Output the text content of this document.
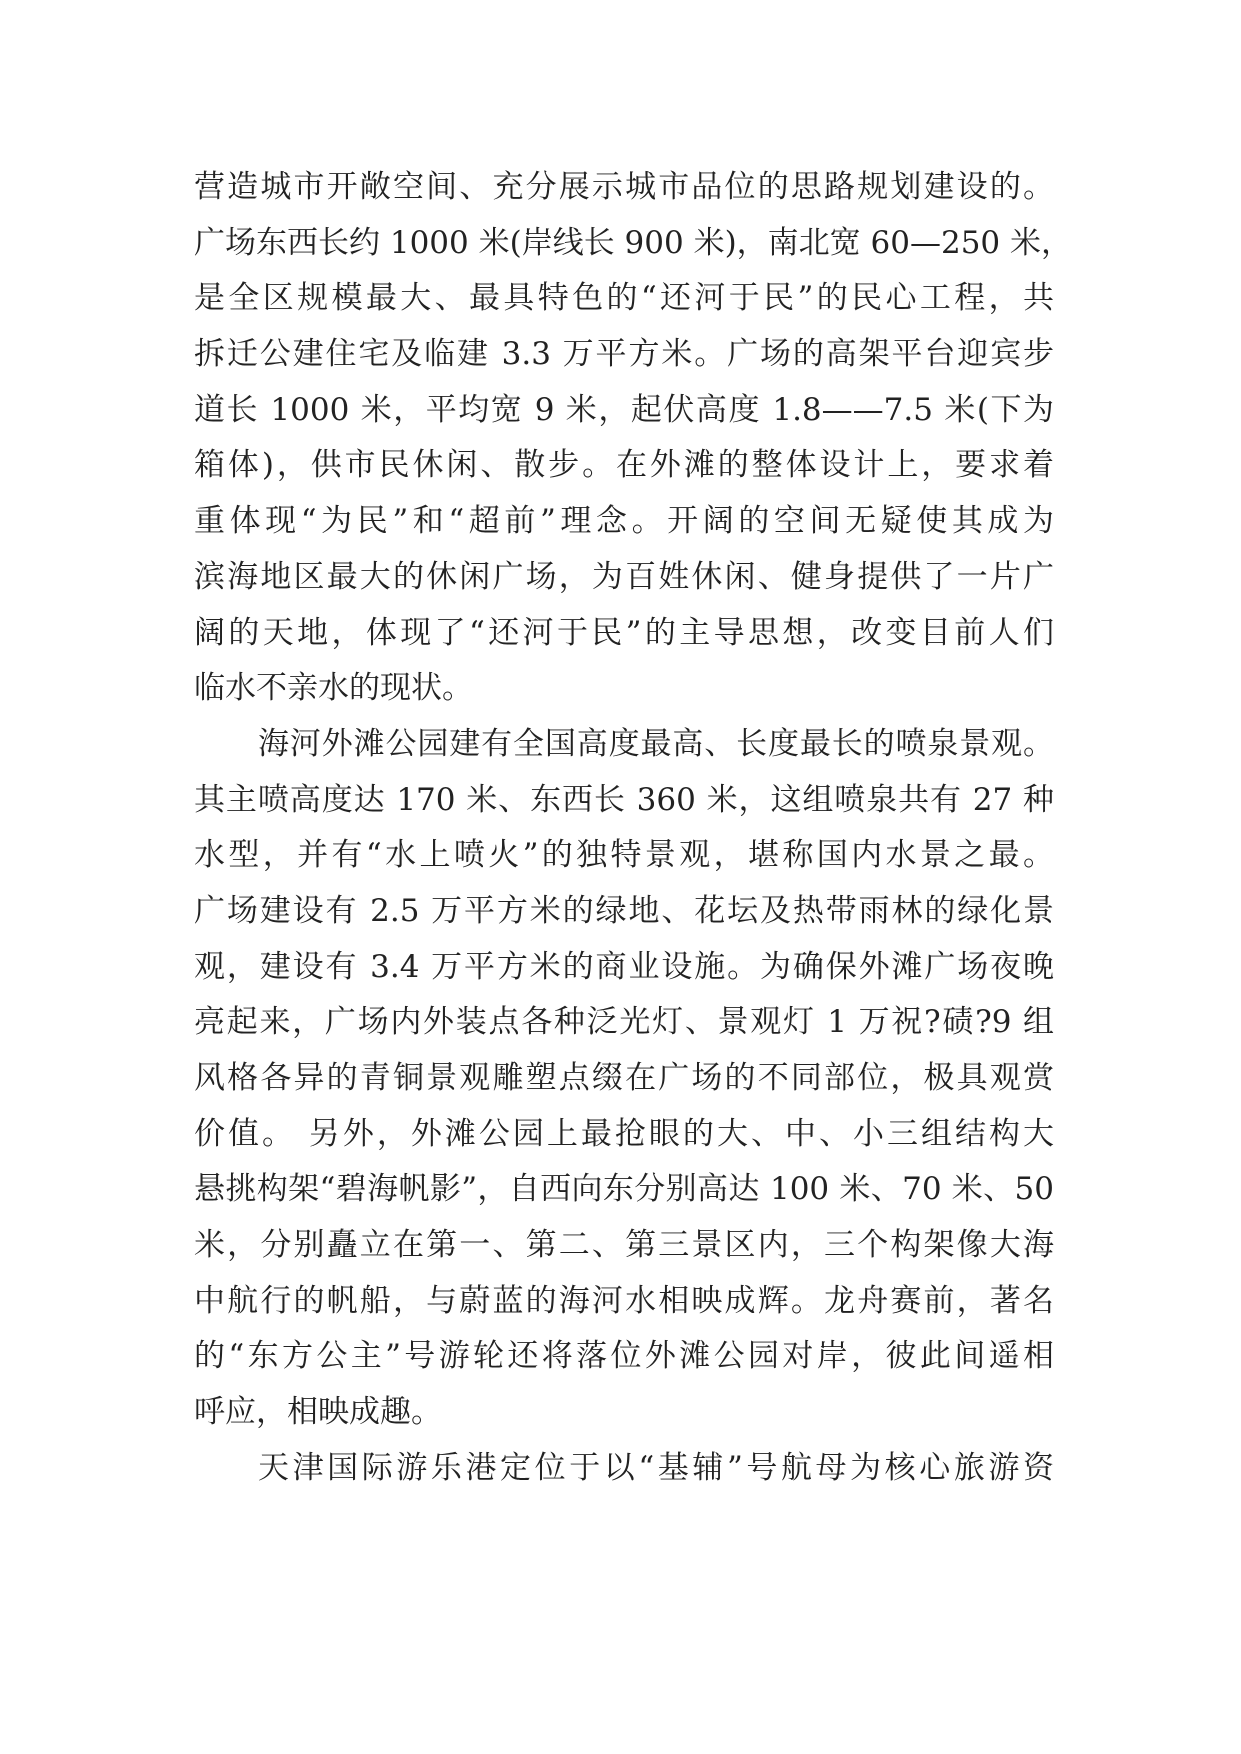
营造城市开敞空间、充分展示城市品位的思路规划建设的。
广场东西长约 1000 米(岸线长 900 米)，南北宽 60—250 米，
是全区规模最大、最具特色的“还河于民”的民心工程，共
拆迁公建住宅及临建 3.3 万平方米。广场的高架平台迎宾步
道长 1000 米，平均宽 9 米，起伏高度 1.8——7.5 米(下为
箱体)，供市民休闲、散步。在外滩的整体设计上，要求着
重体现“为民”和“超前”理念。开阔的空间无疑使其成为
滨海地区最大的休闲广场，为百姓休闲、健身提供了一片广
阔的天地，体现了“还河于民”的主导思想，改变目前人们
临水不亲水的现状。
海河外滩公园建有全国高度最高、长度最长的喷泉景观。
其主喷高度达 170 米、东西长 360 米，这组喷泉共有 27 种
水型，并有“水上喷火”的独特景观，堪称国内水景之最。
广场建设有 2.5 万平方米的绿地、花坛及热带雨林的绿化景
观，建设有 3.4 万平方米的商业设施。为确保外滩广场夜晚
亮起来，广场内外装点各种泛光灯、景观灯 1 万祝?碛?9 组
风格各异的青铜景观雕塑点缀在广场的不同部位，极具观赏
价值。 另外，外滩公园上最抢眼的大、中、小三组结构大
悬挑构架“碧海帆影”，自西向东分别高达 100 米、70 米、50
米，分别矗立在第一、第二、第三景区内，三个构架像大海
中航行的帆船，与蔚蓝的海河水相映成辉。龙舟赛前，著名
的“东方公主”号游轮还将落位外滩公园对岸，彼此间遥相
呼应，相映成趣。
天津国际游乐港定位于以“基辅”号航母为核心旅游资
